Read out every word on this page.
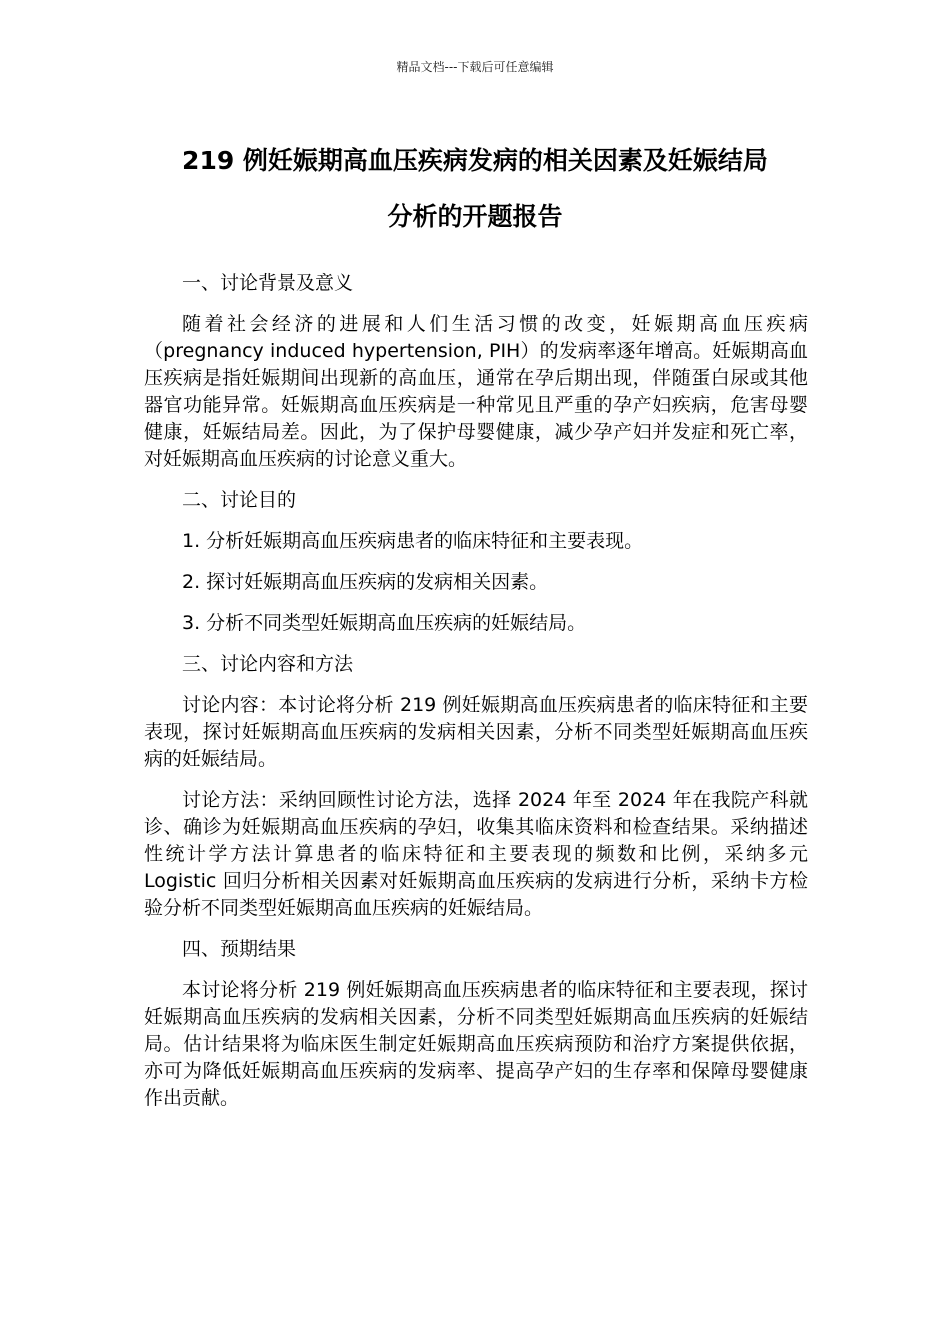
精品文档---下载后可任意编辑
219 例妊娠期高血压疾病发病的相关因素及妊娠结局
分析的开题报告

一、讨论背景及意义

随着社会经济的进展和人们生活习惯的改变，妊娠期高血压疾病（pregnancy induced hypertension, PIH）的发病率逐年增高。妊娠期高血压疾病是指妊娠期间出现新的高血压，通常在孕后期出现，伴随蛋白尿或其他器官功能异常。妊娠期高血压疾病是一种常见且严重的孕产妇疾病，危害母婴健康，妊娠结局差。因此，为了保护母婴健康，减少孕产妇并发症和死亡率，对妊娠期高血压疾病的讨论意义重大。

二、讨论目的

1. 分析妊娠期高血压疾病患者的临床特征和主要表现。

2. 探讨妊娠期高血压疾病的发病相关因素。

3. 分析不同类型妊娠期高血压疾病的妊娠结局。

三、讨论内容和方法

讨论内容：本讨论将分析 219 例妊娠期高血压疾病患者的临床特征和主要表现，探讨妊娠期高血压疾病的发病相关因素，分析不同类型妊娠期高血压疾病的妊娠结局。

讨论方法：采纳回顾性讨论方法，选择 2024 年至 2024 年在我院产科就诊、确诊为妊娠期高血压疾病的孕妇，收集其临床资料和检查结果。采纳描述性统计学方法计算患者的临床特征和主要表现的频数和比例，采纳多元 Logistic 回归分析相关因素对妊娠期高血压疾病的发病进行分析，采纳卡方检验分析不同类型妊娠期高血压疾病的妊娠结局。

四、预期结果

本讨论将分析 219 例妊娠期高血压疾病患者的临床特征和主要表现，探讨妊娠期高血压疾病的发病相关因素，分析不同类型妊娠期高血压疾病的妊娠结局。估计结果将为临床医生制定妊娠期高血压疾病预防和治疗方案提供依据，亦可为降低妊娠期高血压疾病的发病率、提高孕产妇的生存率和保障母婴健康作出贡献。
